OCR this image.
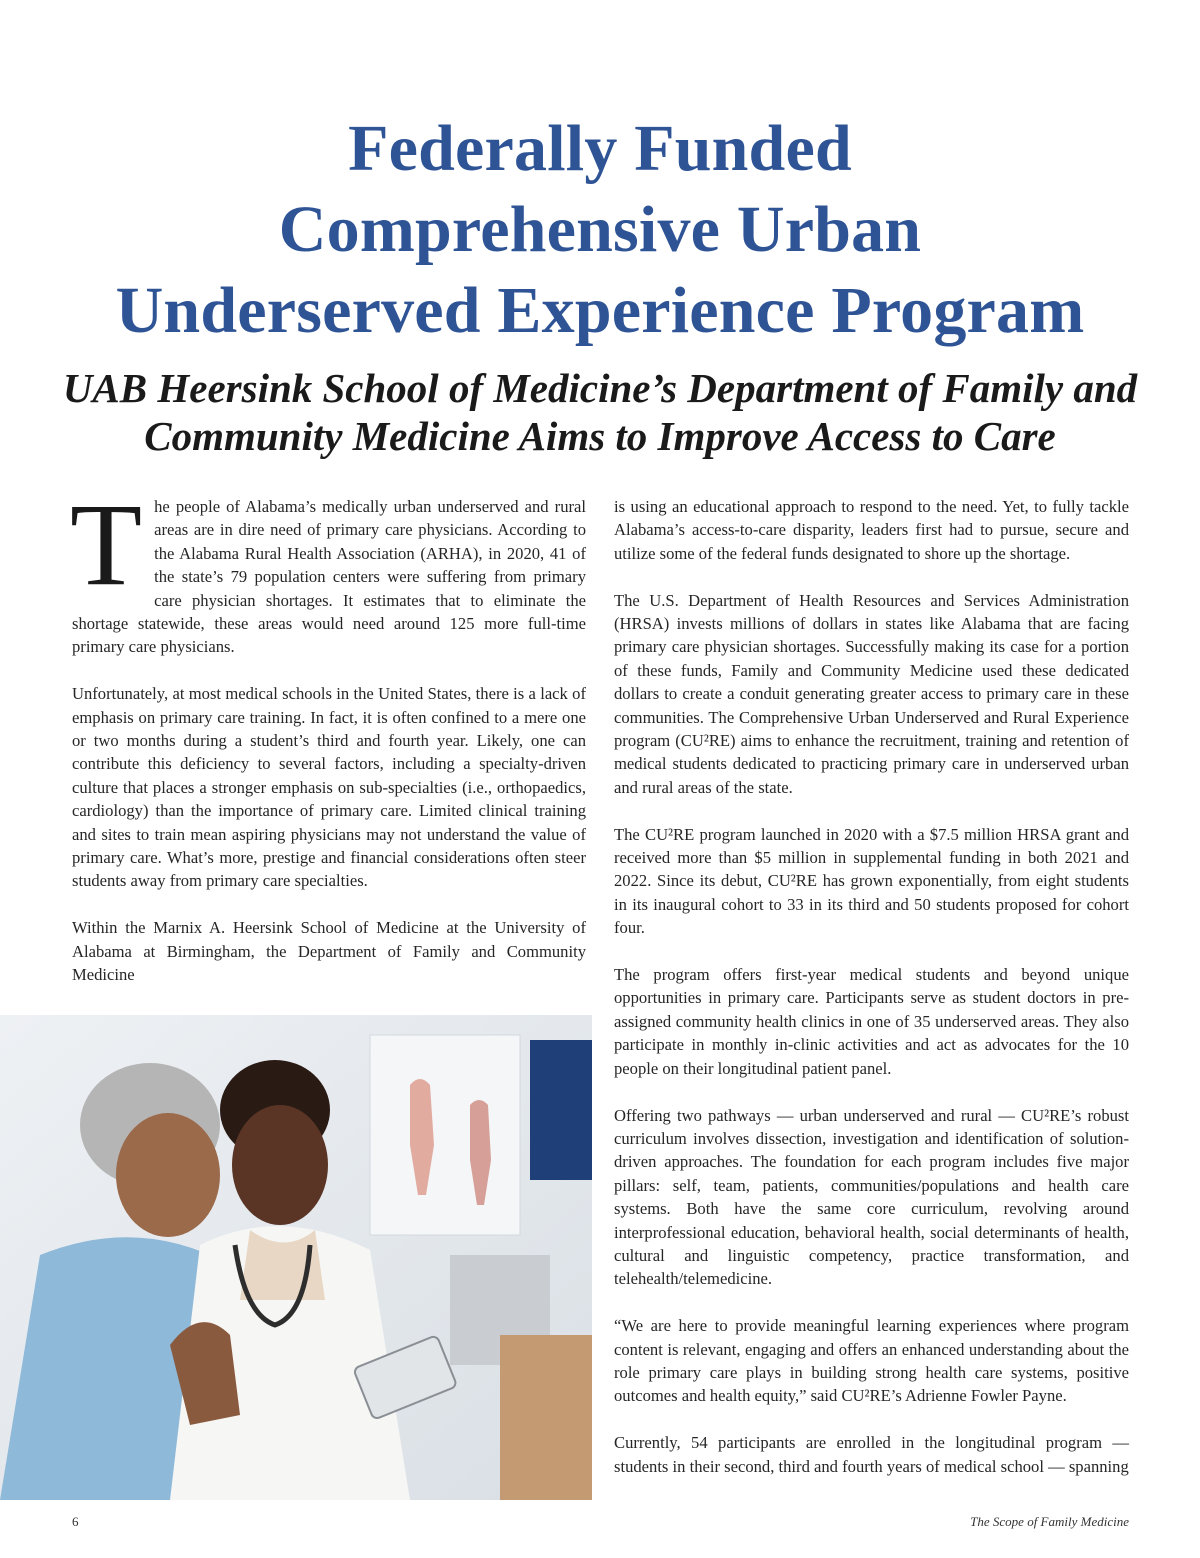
Federally Funded
Comprehensive Urban
Underserved Experience Program
UAB Heersink School of Medicine’s Department of Family and
Community Medicine Aims to Improve Access to Care

The people of Alabama’s medically urban underserved and rural areas are in dire need of primary care physicians. According to the Alabama Rural Health Association (ARHA), in 2020, 41 of the state’s 79 population centers were suffering from primary care physician shortages. It estimates that to eliminate the shortage statewide, these areas would need around 125 more full-time primary care physicians.

Unfortunately, at most medical schools in the United States, there is a lack of emphasis on primary care training. In fact, it is often confined to a mere one or two months during a student’s third and fourth year. Likely, one can contribute this deficiency to several factors, including a specialty-driven culture that places a stronger emphasis on sub-specialties (i.e., orthopaedics, cardiology) than the importance of primary care. Limited clinical training and sites to train mean aspiring physicians may not understand the value of primary care. What’s more, prestige and financial considerations often steer students away from primary care specialties.

Within the Marnix A. Heersink School of Medicine at the University of Alabama at Birmingham, the Department of Family and Community Medicine

is using an educational approach to respond to the need. Yet, to fully tackle Alabama’s access-to-care disparity, leaders first had to pursue, secure and utilize some of the federal funds designated to shore up the shortage.

The U.S. Department of Health Resources and Services Administration (HRSA) invests millions of dollars in states like Alabama that are facing primary care physician shortages. Successfully making its case for a portion of these funds, Family and Community Medicine used these dedicated dollars to create a conduit generating greater access to primary care in these communities. The Comprehensive Urban Underserved and Rural Experience program (CU²RE) aims to enhance the recruitment, training and retention of medical students dedicated to practicing primary care in underserved urban and rural areas of the state.

The CU²RE program launched in 2020 with a $7.5 million HRSA grant and received more than $5 million in supplemental funding in both 2021 and 2022. Since its debut, CU²RE has grown exponentially, from eight students in its inaugural cohort to 33 in its third and 50 students proposed for cohort four.

The program offers first-year medical students and beyond unique opportunities in primary care. Participants serve as student doctors in pre-assigned community health clinics in one of 35 underserved areas. They also participate in monthly in-clinic activities and act as advocates for the 10 people on their longitudinal patient panel.

Offering two pathways — urban underserved and rural — CU²RE’s robust curriculum involves dissection, investigation and identification of solution-driven approaches. The foundation for each program includes five major pillars: self, team, patients, communities/populations and health care systems. Both have the same core curriculum, revolving around interprofessional education, behavioral health, social determinants of health, cultural and linguistic competency, practice transformation, and telehealth/telemedicine.

“We are here to provide meaningful learning experiences where program content is relevant, engaging and offers an enhanced understanding about the role primary care plays in building strong health care systems, positive outcomes and health equity,” said CU²RE’s Adrienne Fowler Payne.

Currently, 54 participants are enrolled in the longitudinal program — students in their second, third and fourth years of medical school — spanning

6	The Scope of Family Medicine
